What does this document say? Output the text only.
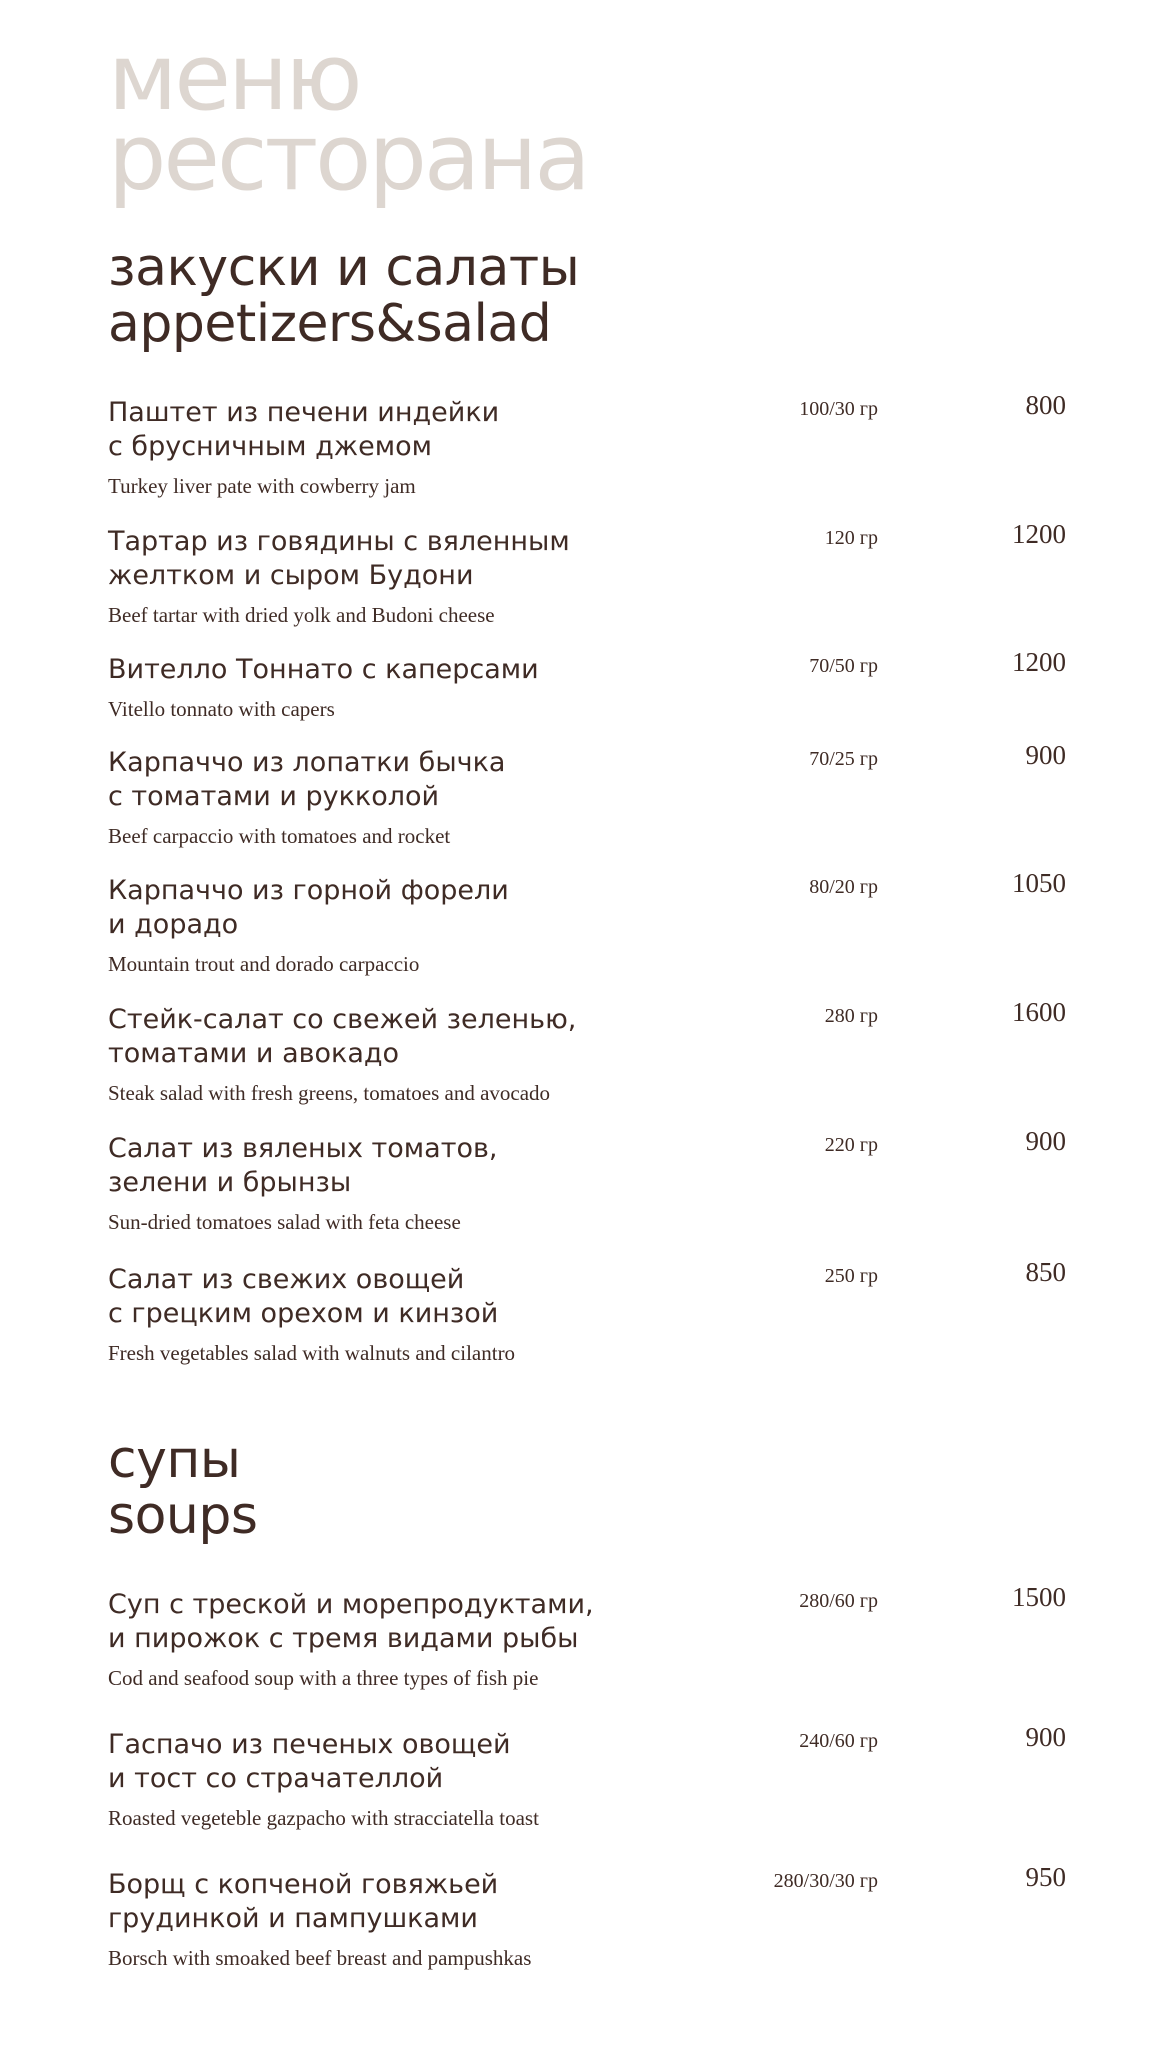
меню
ресторана
закуски и салаты
appetizers&salad
Паштет из печени индейки
с брусничным джемом
Turkey liver pate with cowberry jam
100/30 гр	800
Тартар из говядины с вяленным
желтком и сыром Будони
Beef tartar with dried yolk and Budoni cheese
120 гр	1200
Вителло Тоннато с каперсами
Vitello tonnato with capers
70/50 гр	1200
Карпаччо из лопатки бычка
с томатами и рукколой
Beef carpaccio with tomatoes and rocket
70/25 гр	900
Карпаччо из горной форели
и дорадо
Mountain trout and dorado carpaccio
80/20 гр	1050
Стейк-салат со свежей зеленью,
томатами и авокадо
Steak salad with fresh greens, tomatoes and avocado
280 гр	1600
Салат из вяленых томатов,
зелени и брынзы
Sun-dried tomatoes salad with feta cheese
220 гр	900
Салат из свежих овощей
с грецким орехом и кинзой
Fresh vegetables salad with walnuts and cilantro
250 гр	850
супы
soups
Суп с треской и морепродуктами,
и пирожок с тремя видами рыбы
Cod and seafood soup with a three types of fish pie
280/60 гр	1500
Гаспачо из печеных овощей
и тост со страчателлой
Roasted vegeteble gazpacho with stracciatella toast
240/60 гр	900
Борщ с копченой говяжьей
грудинкой и пампушками
Borsch with smoaked beef breast and pampushkas
280/30/30 гр	950
